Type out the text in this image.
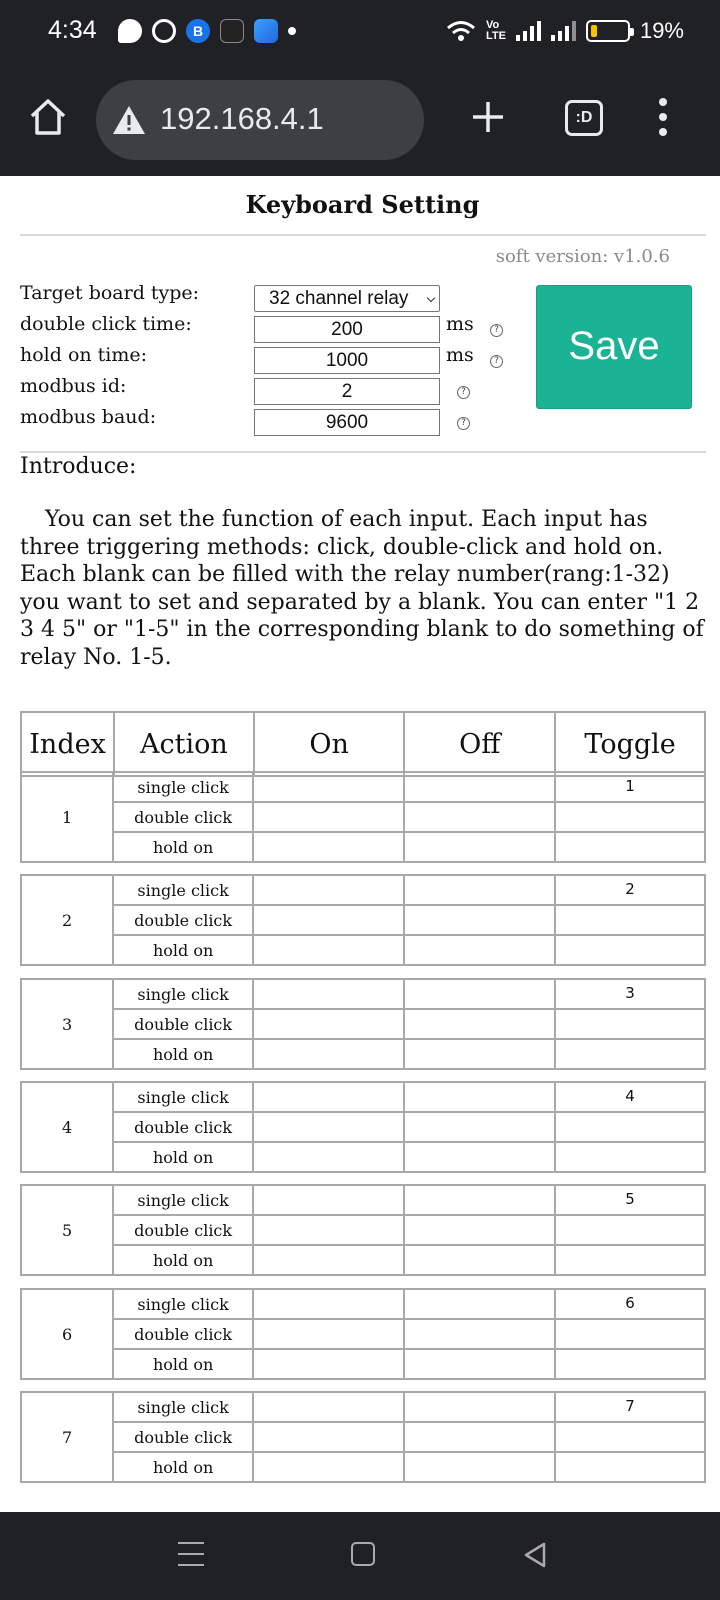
4:34	B	Vo
LTE	19%
192.168.4.1	:D
Keyboard Setting
soft version: v1.0.6
Target board type:	32 channel relay
double click time:	200	ms	?
hold on time:	1000	ms	?
modbus id:	2	?
modbus baud:	9600	?
Save
Introduce:
You can set the function of each input. Each input has three triggering methods: click, double-click and hold on. Each blank can be filled with the relay number(rang:1-32) you want to set and separated by a blank. You can enter "1 2 3 4 5" or "1-5" in the corresponding blank to do something of relay No. 1-5.
Index	Action	On	Off	Toggle
1	single click			1
	double click			
	hold on			
2	single click			2
	double click			
	hold on			
3	single click			3
	double click			
	hold on			
4	single click			4
	double click			
	hold on			
5	single click			5
	double click			
	hold on			
6	single click			6
	double click			
	hold on			
7	single click			7
	double click			
	hold on			
